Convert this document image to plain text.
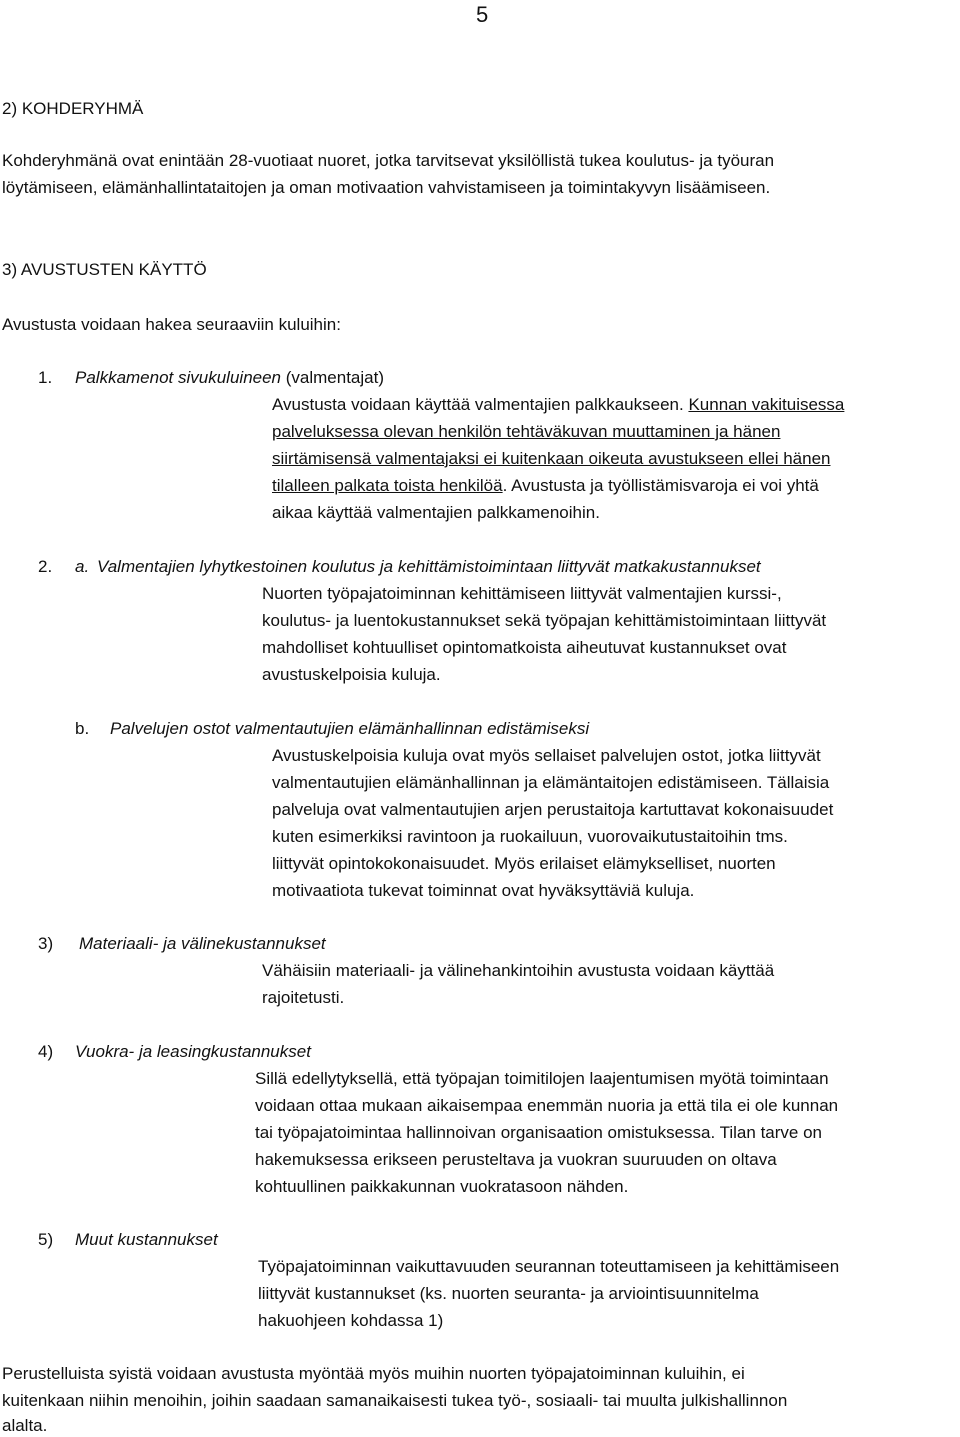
5
2) KOHDERYHMÄ
Kohderyhmänä ovat enintään 28-vuotiaat nuoret, jotka tarvitsevat yksilöllistä tukea koulutus- ja työuran
löytämiseen, elämänhallintataitojen ja oman motivaation vahvistamiseen ja toimintakyvyn lisäämiseen.
3) AVUSTUSTEN KÄYTTÖ
Avustusta voidaan hakea seuraaviin kuluihin:
1. Palkkamenot sivukuluineen (valmentajat)
Avustusta voidaan käyttää valmentajien palkkaukseen. Kunnan vakituisessa
palveluksessa olevan henkilön tehtäväkuvan muuttaminen ja hänen
siirtämisensä valmentajaksi ei kuitenkaan oikeuta avustukseen ellei hänen
tilalleen palkata toista henkilöä. Avustusta ja työllistämisvaroja ei voi yhtä
aikaa käyttää valmentajien palkkamenoihin.
2. a. Valmentajien lyhytkestoinen koulutus ja kehittämistoimintaan liittyvät matkakustannukset
Nuorten työpajatoiminnan kehittämiseen liittyvät valmentajien kurssi-,
koulutus- ja luentokustannukset sekä työpajan kehittämistoimintaan liittyvät
mahdolliset kohtuulliset opintomatkoista aiheutuvat kustannukset ovat
avustuskelpoisia kuluja.
b. Palvelujen ostot valmentautujien elämänhallinnan edistämiseksi
Avustuskelpoisia kuluja ovat myös sellaiset palvelujen ostot, jotka liittyvät
valmentautujien elämänhallinnan ja elämäntaitojen edistämiseen. Tällaisia
palveluja ovat valmentautujien arjen perustaitoja kartuttavat kokonaisuudet
kuten esimerkiksi ravintoon ja ruokailuun, vuorovaikutustaitoihin tms.
liittyvät opintokokonaisuudet. Myös erilaiset elämykselliset, nuorten
motivaatiota tukevat toiminnat ovat hyväksyttäviä kuluja.
3) Materiaali- ja välinekustannukset
Vähäisiin materiaali- ja välinehankintoihin avustusta voidaan käyttää
rajoitetusti.
4) Vuokra- ja leasingkustannukset
Sillä edellytyksellä, että työpajan toimitilojen laajentumisen myötä toimintaan
voidaan ottaa mukaan aikaisempaa enemmän nuoria ja että tila ei ole kunnan
tai työpajatoimintaa hallinnoivan organisaation omistuksessa. Tilan tarve on
hakemuksessa erikseen perusteltava ja vuokran suuruuden on oltava
kohtuullinen paikkakunnan vuokratasoon nähden.
5) Muut kustannukset
Työpajatoiminnan vaikuttavuuden seurannan toteuttamiseen ja kehittämiseen
liittyvät kustannukset (ks. nuorten seuranta- ja arviointisuunnitelma
hakuohjeen kohdassa 1)
Perustelluista syistä voidaan avustusta myöntää myös muihin nuorten työpajatoiminnan kuluihin, ei
kuitenkaan niihin menoihin, joihin saadaan samanaikaisesti tukea työ-, sosiaali- tai muulta julkishallinnon
alalta.
